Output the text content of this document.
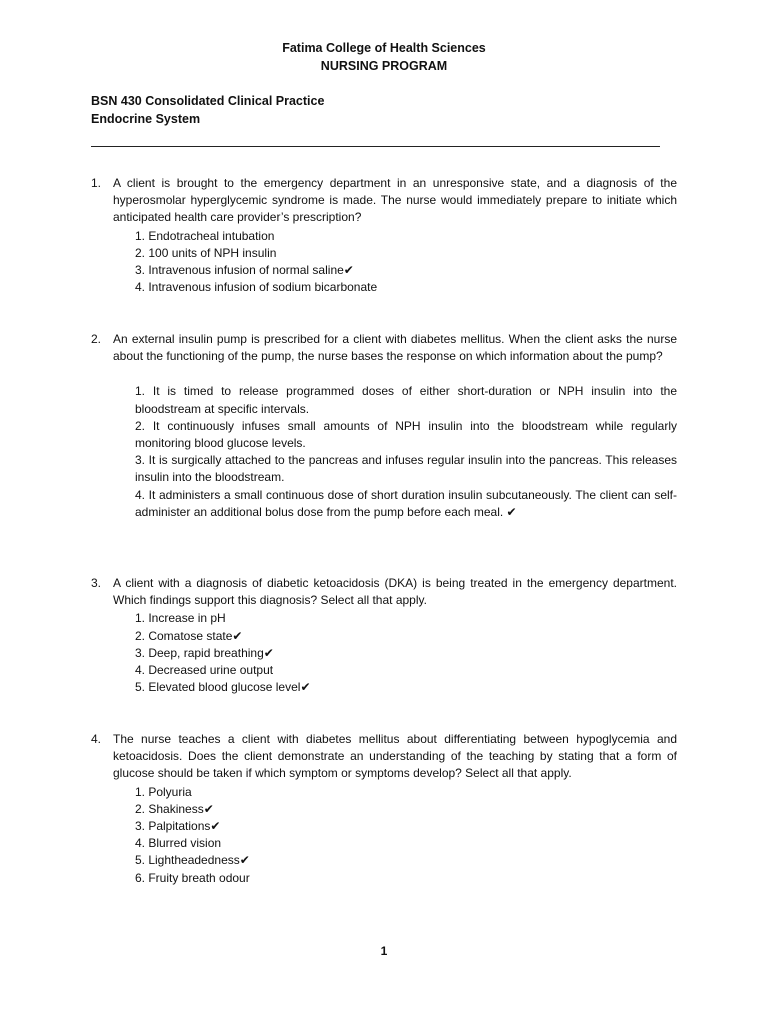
Fatima College of Health Sciences
NURSING PROGRAM
BSN 430 Consolidated Clinical Practice
Endocrine System
1. A client is brought to the emergency department in an unresponsive state, and a diagnosis of the hyperosmolar hyperglycemic syndrome is made. The nurse would immediately prepare to initiate which anticipated health care provider’s prescription?
1. Endotracheal intubation
2. 100 units of NPH insulin
3. Intravenous infusion of normal saline✔
4. Intravenous infusion of sodium bicarbonate
2. An external insulin pump is prescribed for a client with diabetes mellitus. When the client asks the nurse about the functioning of the pump, the nurse bases the response on which information about the pump?
1. It is timed to release programmed doses of either short-duration or NPH insulin into the bloodstream at specific intervals.
2. It continuously infuses small amounts of NPH insulin into the bloodstream while regularly monitoring blood glucose levels.
3. It is surgically attached to the pancreas and infuses regular insulin into the pancreas. This releases insulin into the bloodstream.
4. It administers a small continuous dose of short duration insulin subcutaneously. The client can self-administer an additional bolus dose from the pump before each meal. ✔
3. A client with a diagnosis of diabetic ketoacidosis (DKA) is being treated in the emergency department. Which findings support this diagnosis? Select all that apply.
1. Increase in pH
2. Comatose state✔
3. Deep, rapid breathing✔
4. Decreased urine output
5. Elevated blood glucose level✔
4. The nurse teaches a client with diabetes mellitus about differentiating between hypoglycemia and ketoacidosis. Does the client demonstrate an understanding of the teaching by stating that a form of glucose should be taken if which symptom or symptoms develop? Select all that apply.
1. Polyuria
2. Shakiness✔
3. Palpitations✔
4. Blurred vision
5. Lightheadedness✔
6. Fruity breath odour
1
